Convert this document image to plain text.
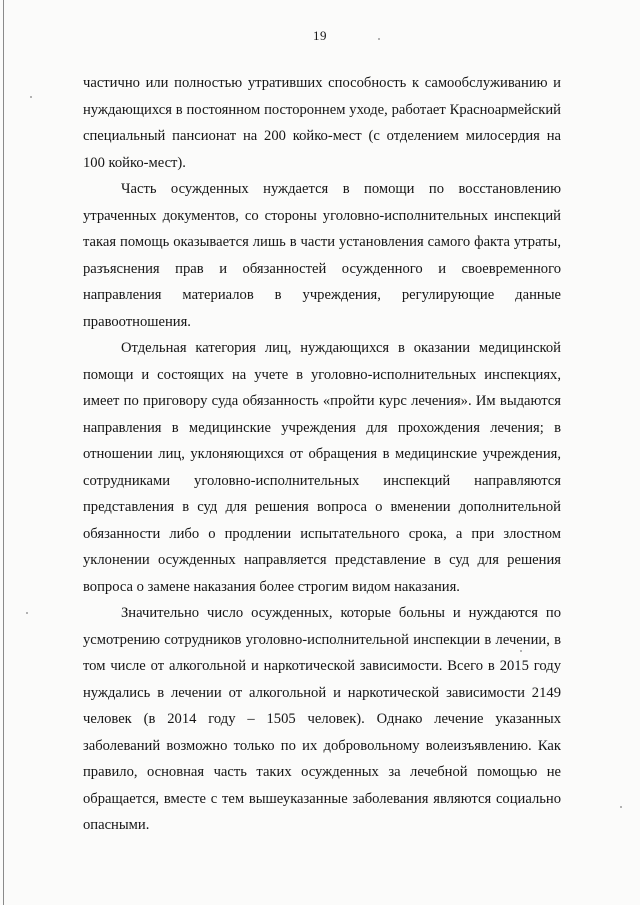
19

частично или полностью утративших способность к самообслуживанию и нуждающихся в постоянном постороннем уходе, работает Красноармейский специальный пансионат на 200 койко-мест (с отделением милосердия на 100 койко-мест).

Часть осужденных нуждается в помощи по восстановлению утраченных документов, со стороны уголовно-исполнительных инспекций такая помощь оказывается лишь в части установления самого факта утраты, разъяснения прав и обязанностей осужденного и своевременного направления материалов в учреждения, регулирующие данные правоотношения.

Отдельная категория лиц, нуждающихся в оказании медицинской помощи и состоящих на учете в уголовно-исполнительных инспекциях, имеет по приговору суда обязанность «пройти курс лечения». Им выдаются направления в медицинские учреждения для прохождения лечения; в отношении лиц, уклоняющихся от обращения в медицинские учреждения, сотрудниками уголовно-исполнительных инспекций направляются представления в суд для решения вопроса о вменении дополнительной обязанности либо о продлении испытательного срока, а при злостном уклонении осужденных направляется представление в суд для решения вопроса о замене наказания более строгим видом наказания.

Значительно число осужденных, которые больны и нуждаются по усмотрению сотрудников уголовно-исполнительной инспекции в лечении, в том числе от алкогольной и наркотической зависимости. Всего в 2015 году нуждались в лечении от алкогольной и наркотической зависимости 2149 человек (в 2014 году – 1505 человек). Однако лечение указанных заболеваний возможно только по их добровольному волеизъявлению. Как правило, основная часть таких осужденных за лечебной помощью не обращается, вместе с тем вышеуказанные заболевания являются социально опасными.
